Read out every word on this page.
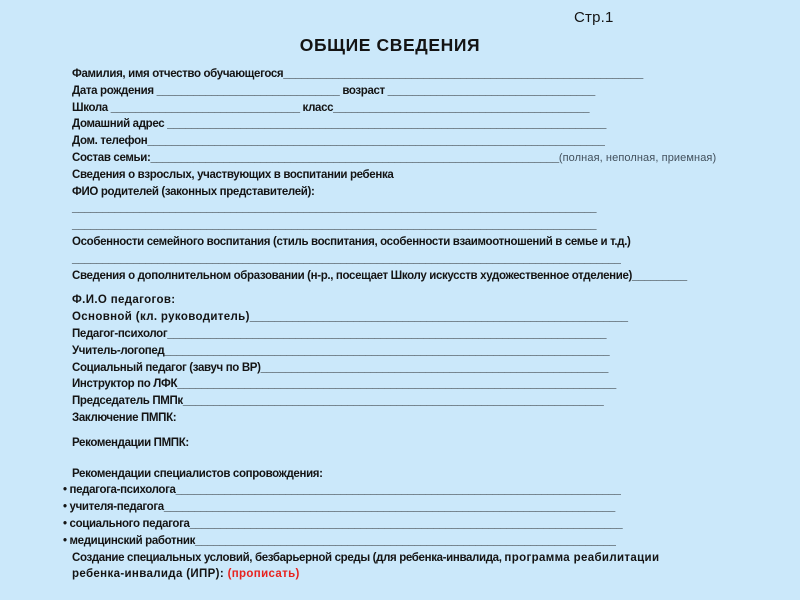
Стр.1
ОБЩИЕ СВЕДЕНИЯ
Фамилия, имя отчество обучающегося___________________________________________________________
Дата рождения ______________________________ возраст __________________________________
Школа _______________________________ класс__________________________________________
Домашний адрес ________________________________________________________________________
Дом. телефон___________________________________________________________________________
Состав семьи:___________________________________________________________________(полная, неполная, приемная)
Сведения о взрослых, участвующих в воспитании ребенка
ФИО родителей (законных представителей):
______________________________________________________________________________________
______________________________________________________________________________________
Особенности семейного воспитания (стиль воспитания, особенности взаимоотношений в семье и т.д.)
__________________________________________________________________________________________
Сведения о дополнительном образовании (н-р., посещает Школу искусств художественное отделение)_________
Ф.И.О педагогов:
Основной (кл. руководитель)______________________________________________________________
Педагог-психолог________________________________________________________________________
Учитель-логопед_________________________________________________________________________
Социальный педагог (завуч по ВР)_________________________________________________________
Инструктор по ЛФК________________________________________________________________________
Председатель ПМПк_____________________________________________________________________
Заключение ПМПК:
Рекомендации ПМПК:
Рекомендации специалистов сопровождения:
• педагога-психолога_________________________________________________________________________
• учителя-педагога__________________________________________________________________________
• социального педагога_______________________________________________________________________
• медицинский работник_____________________________________________________________________
Создание специальных условий, безбарьерной среды (для ребенка-инвалида, программа реабилитации
ребенка-инвалида (ИПР): (прописать)
